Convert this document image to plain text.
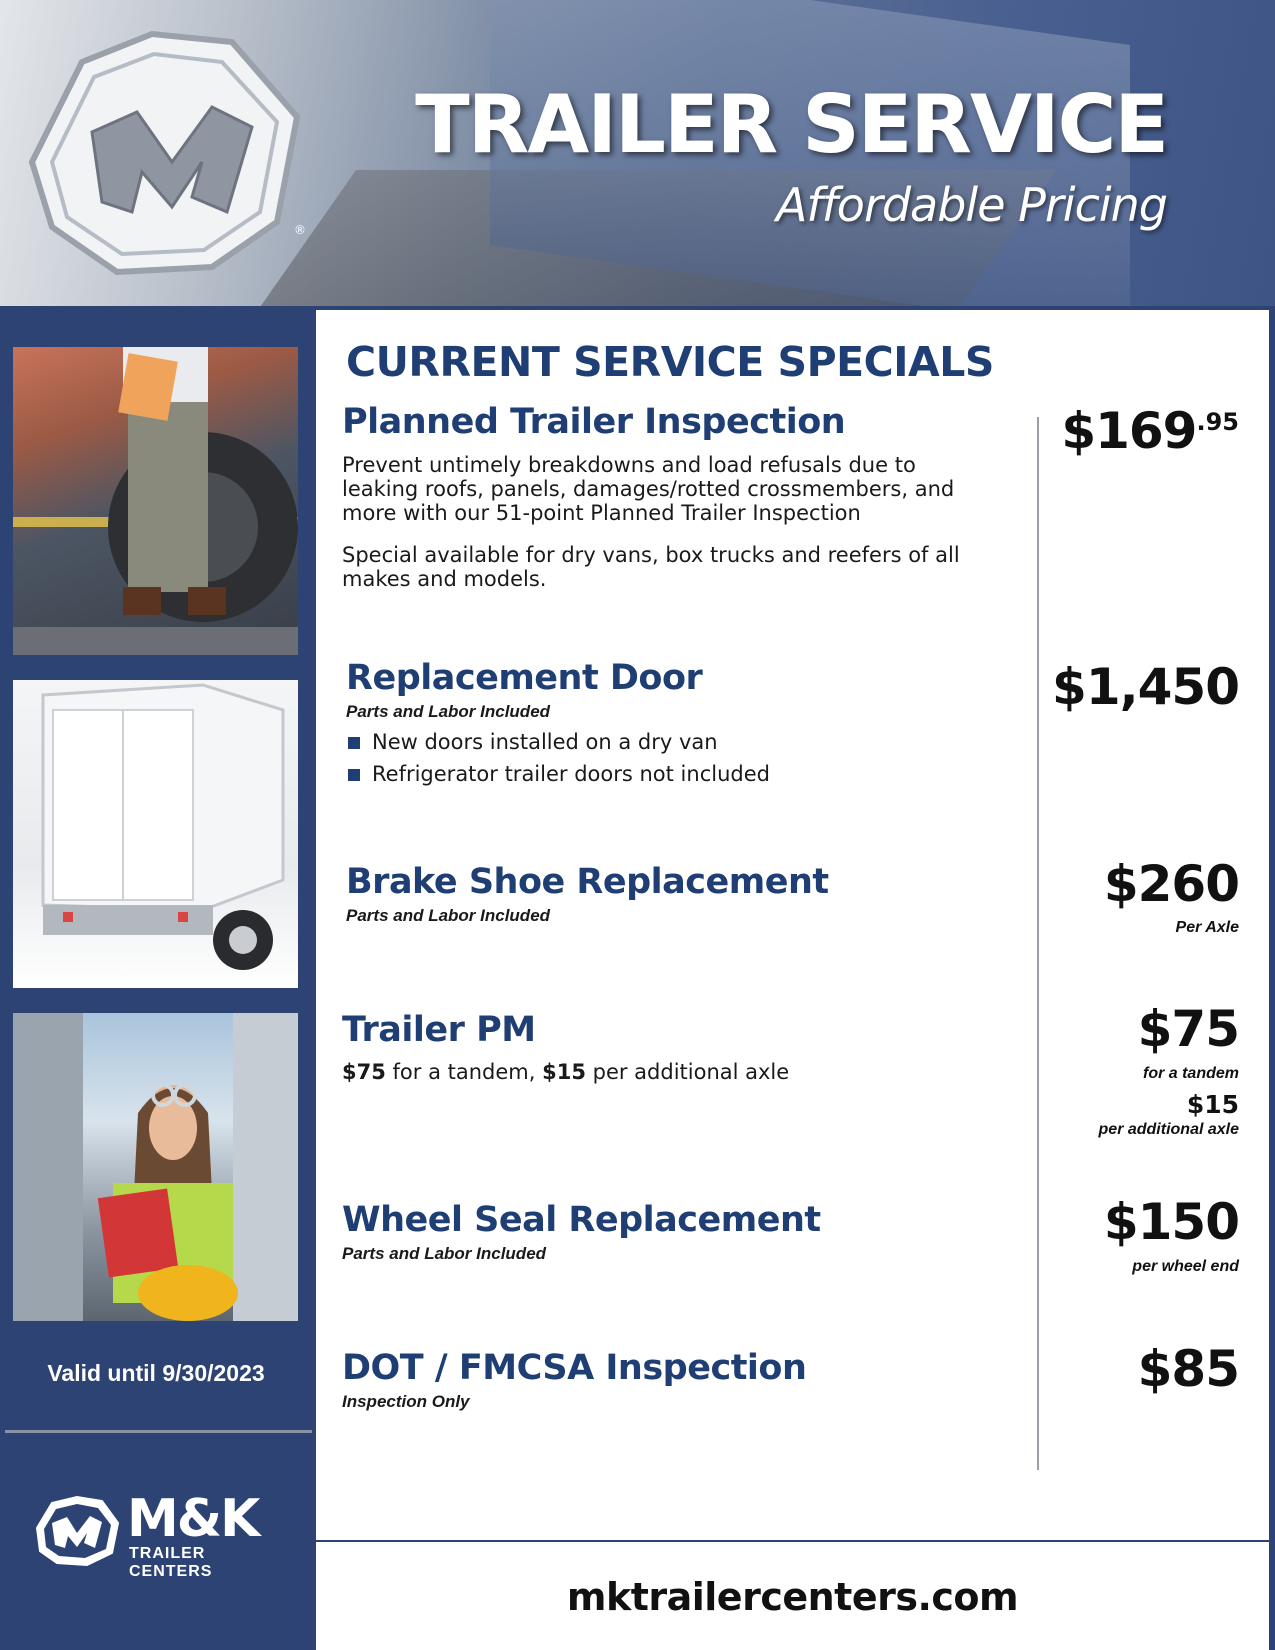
®
TRAILER SERVICE
Affordable Pricing
Valid until 9/30/2023
M&K
TRAILER CENTERS
CURRENT SERVICE SPECIALS
Planned Trailer Inspection
Prevent untimely breakdowns and load refusals due to leaking roofs, panels, damages/rotted crossmembers, and more with our 51-point Planned Trailer Inspection
Special available for dry vans, box trucks and reefers of all makes and models.
$\$169^{.95}$
Replacement Door
Parts and Labor Included
New doors installed on a dry van
Refrigerator trailer doors not included
$1,450
Brake Shoe Replacement
Parts and Labor Included
$260
Per Axle
Trailer PM
$75 for a tandem, $15 per additional axle
$75
for a tandem
$15
per additional axle
Wheel Seal Replacement
Parts and Labor Included
$150
per wheel end
DOT / FMCSA Inspection
Inspection Only
$85
mktrailercenters.com
